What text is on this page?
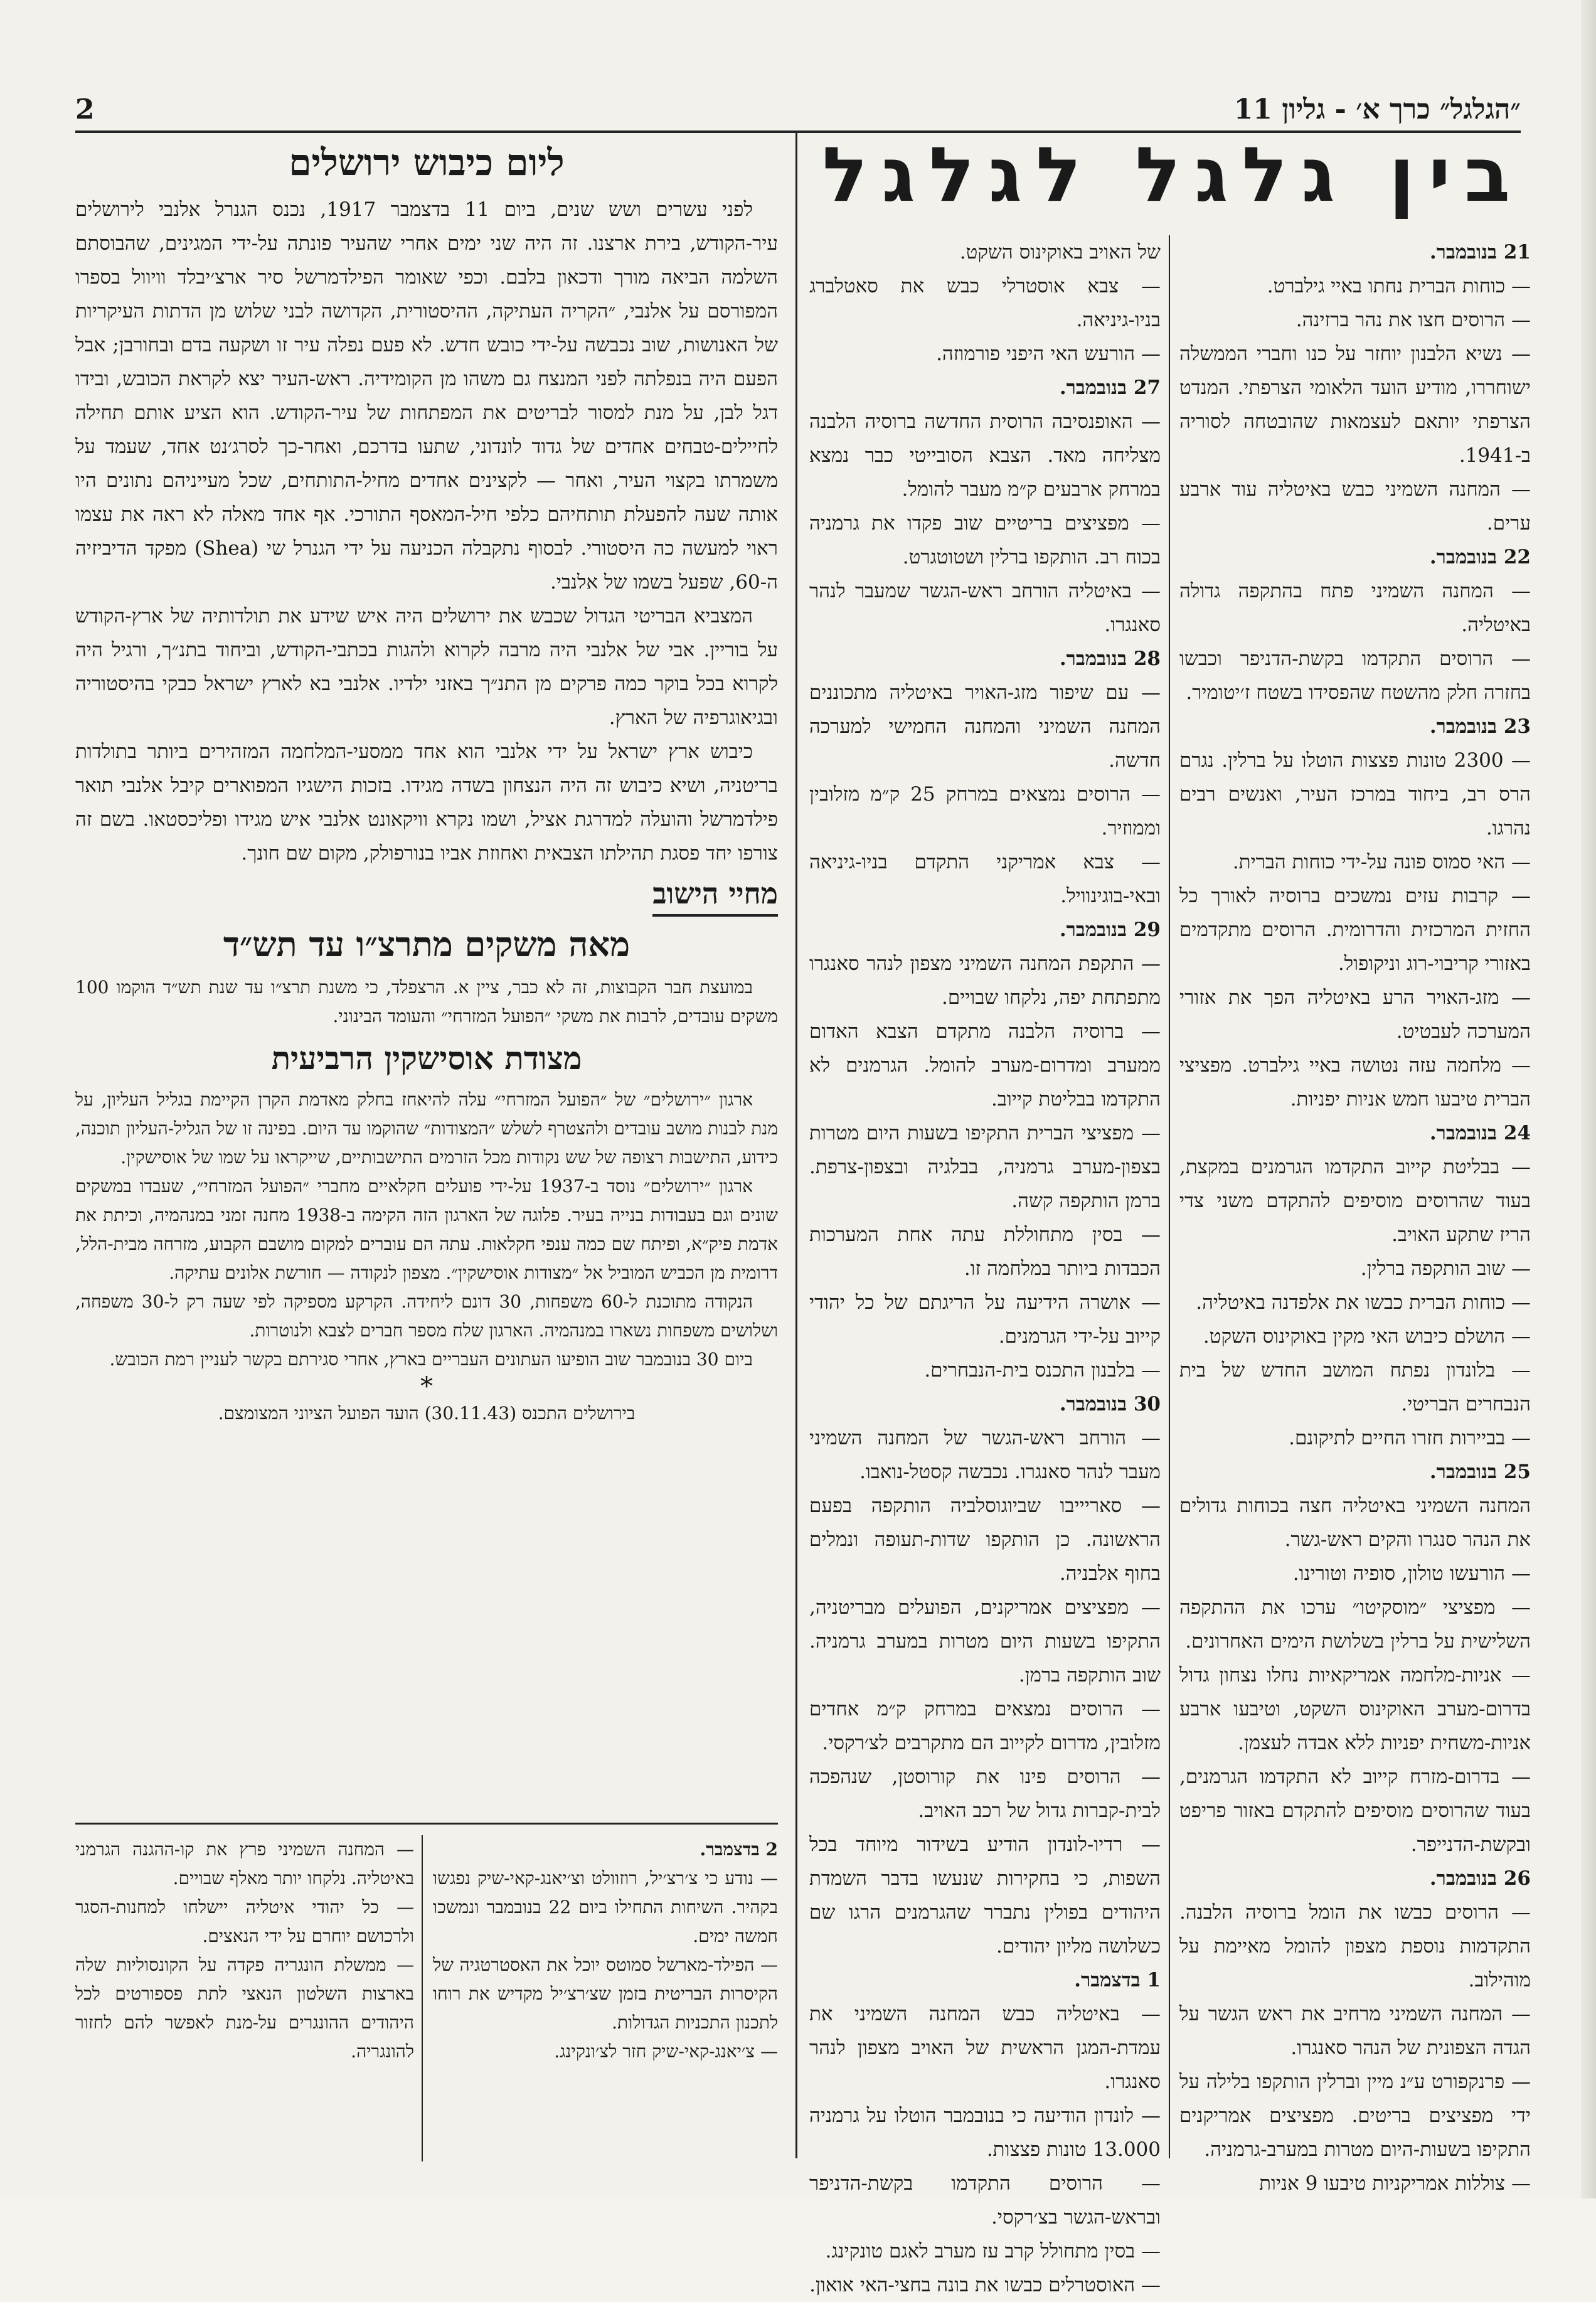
2	״הגלגל״ כרך א׳ - גליון 11
בין גלגל לגלגל

21 בנובמבר.

— כוחות הברית נחתו באיי גילברט.

— הרוסים חצו את נהר ברזינה.

— נשיא הלבנון יוחזר על כנו וחברי הממשלה ישוחררו, מודיע הועד הלאומי הצרפתי. המנדט הצרפתי יותאם לעצמאות שהובטחה לסוריה ב-1941.

— המחנה השמיני כבש באיטליה עוד ארבע ערים.

22 בנובמבר.

— המחנה השמיני פתח בהתקפה גדולה באיטליה.

— הרוסים התקדמו בקשת-הדניפר וכבשו בחזרה חלק מהשטח שהפסידו בשטח ז׳יטומיר.

23 בנובמבר.

— 2300 טונות פצצות הוטלו על ברלין. נגרם הרס רב, ביחוד במרכז העיר, ואנשים רבים נהרגו.

— האי סמוס פונה על-ידי כוחות הברית.

— קרבות עזים נמשכים ברוסיה לאורך כל החזית המרכזית והדרומית. הרוסים מתקדמים באזורי קריבוי-רוג וניקופול.

— מזג-האויר הרע באיטליה הפך את אזורי המערכה לעבטיט.

— מלחמה עזה נטושה באיי גילברט. מפציצי הברית טיבעו חמש אניות יפניות.

24 בנובמבר.

— בבליטת קייוב התקדמו הגרמנים במקצת, בעוד שהרוסים מוסיפים להתקדם משני צדי הריז שתקע האויב.

— שוב הותקפה ברלין.

— כוחות הברית כבשו את אלפדנה באיטליה.

— הושלם כיבוש האי מקין באוקינוס השקט.

— בלונדון נפתח המושב החדש של בית הנבחרים הבריטי.

— בביירות חזרו החיים לתיקונם.

25 בנובמבר.

המחנה השמיני באיטליה חצה בכוחות גדולים את הנהר סנגרו והקים ראש-גשר.

— הורעשו טולון, סופיה וטורינו.

— מפציצי ״מוסקיטו״ ערכו את ההתקפה השלישית על ברלין בשלושת הימים האחרונים.

— אניות-מלחמה אמריקאיות נחלו נצחון גדול בדרום-מערב האוקינוס השקט, וטיבעו ארבע אניות-משחית יפניות ללא אבדה לעצמן.

— בדרום-מזרח קייוב לא התקדמו הגרמנים, בעוד שהרוסים מוסיפים להתקדם באזור פריפט ובקשת-הדנייפר.

26 בנובמבר.

— הרוסים כבשו את הומל ברוסיה הלבנה. התקדמות נוספת מצפון להומל מאיימת על מוהילוב.

— המחנה השמיני מרחיב את ראש הגשר על הגדה הצפונית של הנהר סאנגרו.

— פרנקפורט ע״נ מיין וברלין הותקפו בלילה על ידי מפציצים בריטים. מפציצים אמריקנים התקיפו בשעות-היום מטרות במערב-גרמניה.

— צוללות אמריקניות טיבעו 9 אניות

של האויב באוקינוס השקט.

— צבא אוסטרלי כבש את סאטלברג בניו-גיניאה.

— הורעש האי היפני פורמוזה.

27 בנובמבר.

— האופנסיבה הרוסית החדשה ברוסיה הלבנה מצליחה מאד. הצבא הסובייטי כבר נמצא במרחק ארבעים ק״מ מעבר להומל.

— מפציצים בריטיים שוב פקדו את גרמניה בכוח רב. הותקפו ברלין ושטוטגרט.

— באיטליה הורחב ראש-הגשר שמעבר לנהר סאנגרו.

28 בנובמבר.

— עם שיפור מזג-האויר באיטליה מתכוננים המחנה השמיני והמחנה החמישי למערכה חדשה.

— הרוסים נמצאים במרחק 25 ק״מ מזלובין וממוזיר.

— צבא אמריקני התקדם בניו-גיניאה ובאי-בוגינוויל.

29 בנובמבר.

— התקפת המחנה השמיני מצפון לנהר סאנגרו מתפתחת יפה, נלקחו שבויים.

— ברוסיה הלבנה מתקדם הצבא האדום ממערב ומדרום-מערב להומל. הגרמנים לא התקדמו בבליטת קייוב.

— מפציצי הברית התקיפו בשעות היום מטרות בצפון-מערב גרמניה, בבלגיה ובצפון-צרפת. ברמן הותקפה קשה.

— בסין מתחוללת עתה אחת המערכות הכבדות ביותר במלחמה זו.

— אושרה הידיעה על הריגתם של כל יהודי קייוב על-ידי הגרמנים.

— בלבנון התכנס בית-הנבחרים.

30 בנובמבר.

— הורחב ראש-הגשר של המחנה השמיני מעבר לנהר סאנגרו. נכבשה קסטל-נואבו.

— סאריייבו שביוגוסלביה הותקפה בפעם הראשונה. כן הותקפו שדות-תעופה ונמלים בחוף אלבניה.

— מפציצים אמריקנים, הפועלים מבריטניה, התקיפו בשעות היום מטרות במערב גרמניה. שוב הותקפה ברמן.

— הרוסים נמצאים במרחק ק״מ אחדים מזלובין, מדרום לקייוב הם מתקרבים לצ׳רקסי.

— הרוסים פינו את קורוסטן, שנהפכה לבית-קברות גדול של רכב האויב.

— רדיו-לונדון הודיע בשידור מיוחד בכל השפות, כי בחקירות שנעשו בדבר השמדת היהודים בפולין נתברר שהגרמנים הרגו שם כשלושה מליון יהודים.

1 בדצמבר.

— באיטליה כבש המחנה השמיני את עמדת-המגן הראשית של האויב מצפון לנהר סאנגרו.

— לונדון הודיעה כי בנובמבר הוטלו על גרמניה 13.000 טונות פצצות.

— הרוסים התקדמו בקשת-הדניפר ובראש-הגשר בצ׳רקסי.

— בסין מתחולל קרב עז מערב לאגם טונקינג.

— האוסטרלים כבשו את בונה בחצי-האי אואון.

ליום כיבוש ירושלים

לפני עשרים ושש שנים, ביום 11 בדצמבר 1917, נכנס הגנרל אלנבי לירושלים עיר-הקודש, בירת ארצנו. זה היה שני ימים אחרי שהעיר פונתה על-ידי המגינים, שהבוסתם השלמה הביאה מורך ודכאון בלבם. וכפי שאומר הפילדמרשל סיר ארצ׳יבלד וויוול בספרו המפורסם על אלנבי, ״הקריה העתיקה, ההיסטורית, הקדושה לבני שלוש מן הדתות העיקריות של האנושות, שוב נכבשה על-ידי כובש חדש. לא פעם נפלה עיר זו ושקעה בדם ובחורבן; אבל הפעם היה בנפלתה לפני המנצח גם משהו מן הקומידיה. ראש-העיר יצא לקראת הכובש, ובידו דגל לבן, על מנת למסור לבריטים את המפתחות של עיר-הקודש. הוא הציע אותם תחילה לחיילים-טבחים אחדים של גדוד לונדוני, שתעו בדרכם, ואחר-כך לסרג׳נט אחד, שעמד על משמרתו בקצוי העיר, ואחר — לקצינים אחדים מחיל-התותחים, שכל מעייניהם נתונים היו אותה שעה להפעלת תותחיהם כלפי חיל-המאסף התורכי. אף אחד מאלה לא ראה את עצמו ראוי למעשה כה היסטורי. לבסוף נתקבלה הכניעה על ידי הגנרל שי (Shea) מפקד הדיביזיה ה-60, שפעל בשמו של אלנבי.

המצביא הבריטי הגדול שכבש את ירושלים היה איש שידע את תולדותיה של ארץ-הקודש על בוריין. אבי של אלנבי היה מרבה לקרוא ולהגות בכתבי-הקודש, וביחוד בתנ״ך, ורגיל היה לקרוא בכל בוקר כמה פרקים מן התנ״ך באזני ילדיו. אלנבי בא לארץ ישראל כבקי בהיסטוריה ובגיאוגרפיה של הארץ.

כיבוש ארץ ישראל על ידי אלנבי הוא אחד ממסעי-המלחמה המזהירים ביותר בתולדות בריטניה, ושיא כיבוש זה היה הנצחון בשדה מגידו. בזכות הישגיו המפוארים קיבל אלנבי תואר פילדמרשל והועלה למדרגת אציל, ושמו נקרא וויקאונט אלנבי איש מגידו ופליכסטאו. בשם זה צורפו יחד פסגת תהילתו הצבאית ואחוזת אביו בנורפולק, מקום שם חונך.

מחיי הישוב
מאה משקים מתרצ״ו עד תש״ד

במועצת חבר הקבוצות, זה לא כבר, ציין א. הרצפלד, כי משנת תרצ״ו עד שנת תש״ד הוקמו 100 משקים עובדים, לרבות את משקי ״הפועל המזרחי״ והעומד הבינוני.

מצודת אוסישקין הרביעית

ארגון ״ירושלים״ של ״הפועל המזרחי״ עלה להיאחז בחלק מאדמת הקרן הקיימת בגליל העליון, על מנת לבנות מושב עובדים ולהצטרף לשלש ״המצודות״ שהוקמו עד היום. בפינה זו של הגליל-העליון תוכנה, כידוע, התישבות רצופה של שש נקודות מכל הזרמים התישבותיים, שייקראו על שמו של אוסישקין.

ארגון ״ירושלים״ נוסד ב-1937 על-ידי פועלים חקלאיים מחברי ״הפועל המזרחי״, שעבדו במשקים שונים וגם בעבודות בנייה בעיר. פלוגה של הארגון הזה הקימה ב-1938 מחנה זמני במנהמיה, וכיתת את אדמת פיק״א, ופיתח שם כמה ענפי חקלאות. עתה הם עוברים למקום מושבם הקבוע, מזרחה מבית-הלל, דרומית מן הכביש המוביל אל ״מצודות אוסישקין״. מצפון לנקודה — חורשת אלונים עתיקה.

הנקודה מתוכנת ל-60 משפחות, 30 דונם ליחידה. הקרקע מספיקה לפי שעה רק ל-30 משפחה, ושלושים משפחות נשארו במנהמיה. הארגון שלח מספר חברים לצבא ולנוטרות.

ביום 30 בנובמבר שוב הופיעו העתונים העבריים בארץ, אחרי סגירתם בקשר לעניין רמת הכובש.

*
בירושלים התכנס (30.11.43) הועד הפועל הציוני המצומצם.

— המחנה השמיני פרץ את קו-ההגנה הגרמני באיטליה. נלקחו יותר מאלף שבויים.

— כל יהודי איטליה יישלחו למחנות-הסגר ולרכושם יוחרם על ידי הנאצים.

— ממשלת הונגריה פקדה על הקונסוליות שלה בארצות השלטון הנאצי לתת פספורטים לכל היהודים ההונגרים על-מנת לאפשר להם לחזור להונגריה.

2 בדצמבר.

— נודע כי צ׳רצ׳יל, רוזוולט וצ׳יאנג-קאי-שיק נפגשו בקהיר. השיחות התחילו ביום 22 בנובמבר ונמשכו חמשה ימים.

— הפילד-מארשל סמוטס יוכל את האסטרטגיה של הקיסרות הבריטית בזמן שצ׳רצ׳יל מקדיש את רוחו לתכנון התכניות הגדולות.

— צ׳יאנג-קאי-שיק חזר לצ׳ונקינג.
